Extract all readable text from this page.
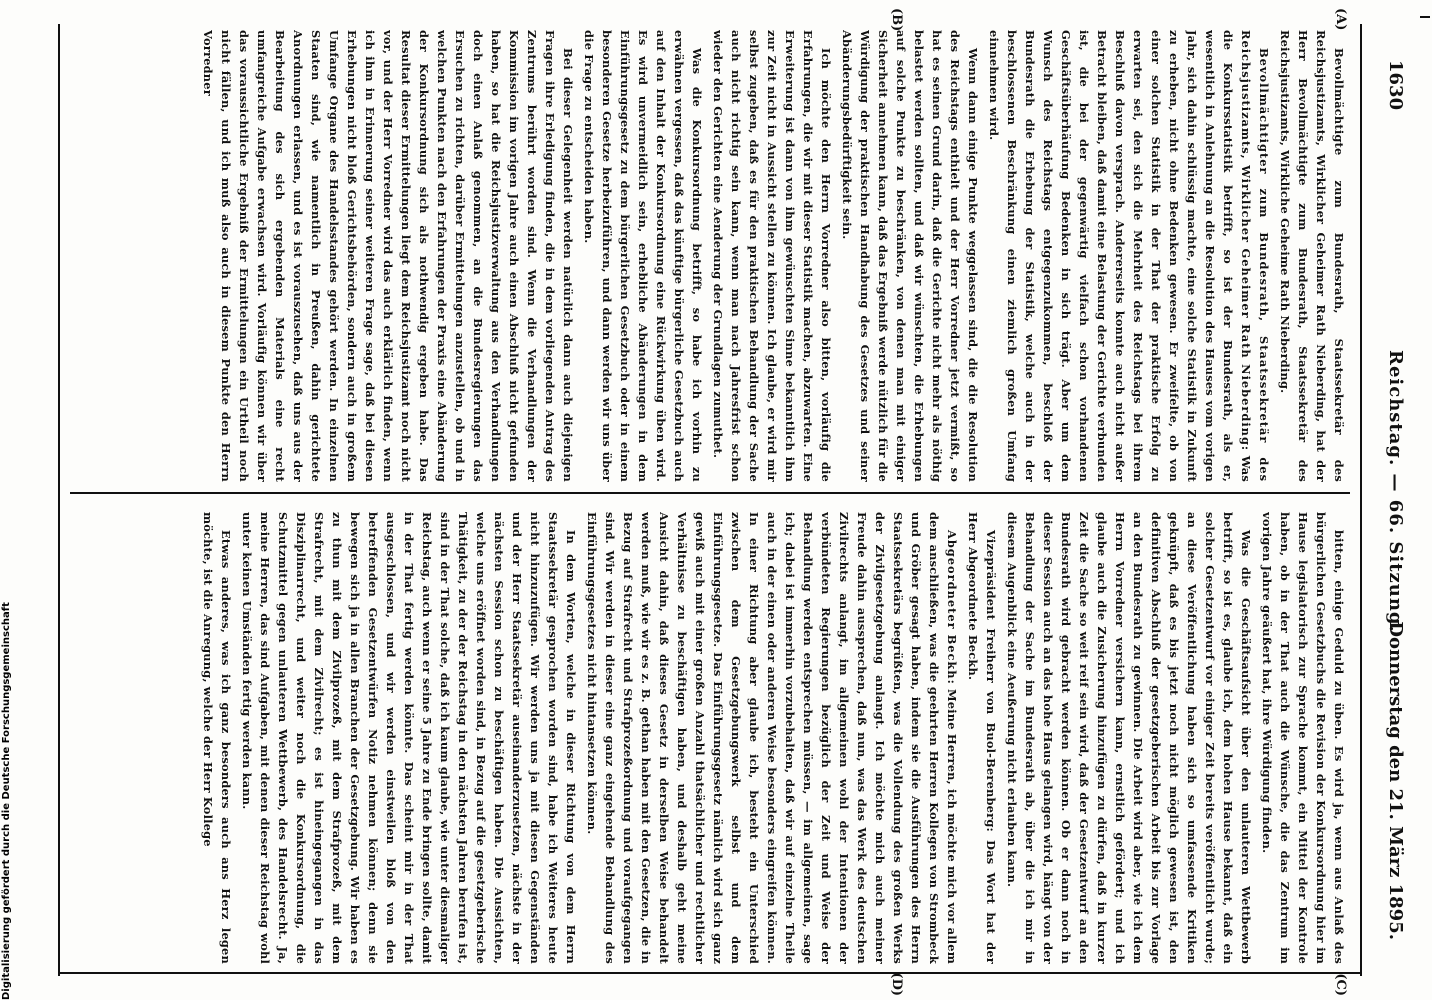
1630
Reichstag. — 66. Sitzung.
Donnerstag den 21. März 1895.
(A)
(B)
(C)
(D)

Bevollmächtigte zum Bundesrath, Staatssekretär des Reichsjustizamts, Wirklicher Geheimer Rath Nieberding, hat der Herr Bevollmächtigte zum Bundesrath, Staatssekretär des Reichsjustizamts, Wirkliche Geheime Rath Nieberding.

Bevollmächtigter zum Bundesrath, Staatssekretär des Reichsjustizamts, Wirklicher Geheimer Rath Nieberding: Was die Konkursstatistik betrifft, so ist der Bundesrath, als er, wesentlich in Anlehnung an die Resolution des Hauses vom vorigen Jahr, sich dahin schlüssig machte, eine solche Statistik in Zukunft zu erheben, nicht ohne Bedenken gewesen. Er zweifelte, ob von einer solchen Statistik in der That der praktische Erfolg zu erwarten sei, den sich die Mehrheit des Reichstags bei ihrem Beschluß davon versprach. Andererseits konnte auch nicht außer Betracht bleiben, daß damit eine Belastung der Gerichte verbunden ist, die bei der gegenwärtig vielfach schon vorhandenen Geschäftsüberhäufung Bedenken in sich trägt. Aber um dem Wunsch des Reichstags entgegenzukommen, beschloß der Bundesrath die Erhebung der Statistik, welche auch in der beschlossenen Beschränkung einen ziemlich großen Umfang einnehmen wird.

Wenn dann einige Punkte weggelassen sind, die die Resolution des Reichstags enthielt und der Herr Vorredner jetzt vermißt, so hat es seinen Grund darin, daß die Gerichte nicht mehr als nöthig belastet werden sollten, und daß wir wünschten, die Erhebungen auf solche Punkte zu beschränken, von denen man mit einiger Sicherheit annehmen kann, daß das Ergebniß werde nützlich für die Würdigung der praktischen Handhabung des Gesetzes und seiner Abänderungsbedürftigkeit sein.

Ich möchte den Herrn Vorredner also bitten, vorläufig die Erfahrungen, die wir mit dieser Statistik machen, abzuwarten. Eine Erweiterung ist dann von ihm gewünschten Sinne bekanntlich ihm zur Zeit nicht in Aussicht stellen zu können. Ich glaube, er wird mir selbst zugeben, daß es für den praktischen Behandlung der Sache auch nicht richtig sein kann, wenn man nach Jahresfrist schon wieder den Gerichten eine Aenderung der Grundlagen zumuthet.

Was die Konkursordnung betrifft, so habe ich vorhin zu erwähnen vergessen, daß das künftige bürgerliche Gesetzbuch auch auf den Inhalt der Konkursordnung eine Rückwirkung üben wird. Es wird unvermeidlich sein, erhebliche Abänderungen in dem Einführungsgesetz zu dem bürgerlichen Gesetzbuch oder in einem besonderen Gesetze herbeizuführen, und dann werden wir uns über die Frage zu entscheiden haben.

Bei dieser Gelegenheit werden natürlich dann auch diejenigen Fragen ihre Erledigung finden, die in dem vorliegenden Antrag des Zentrums berührt worden sind. Wenn die Verhandlungen der Kommission im vorigen Jahre auch einen Abschluß nicht gefunden haben, so hat die Reichsjustizverwaltung aus den Verhandlungen doch einen Anlaß genommen, an die Bundesregierungen das Ersuchen zu richten, darüber Ermittelungen anzustellen, ob und in welchen Punkten nach den Erfahrungen der Praxis eine Abänderung der Konkursordnung sich als nothwendig ergeben habe. Das Resultat dieser Ermittelungen liegt dem Reichsjustizamt noch nicht vor, und der Herr Vorredner wird das auch erklärlich finden, wenn ich ihm in Erinnerung seiner weiteren Frage sage, daß bei diesen Erhebungen nicht bloß Gerichtsbehörden, sondern auch in großem Umfange Organe des Handelsstandes gehört werden. In einzelnen Staaten sind, wie namentlich in Preußen, dahin gerichtete Anordnungen erlassen, und es ist vorauszusehen, daß uns aus der Bearbeitung des sich ergebenden Materials eine recht umfangreiche Aufgabe erwachsen wird. Vorläufig können wir über das voraussichtliche Ergebniß der Ermittelungen ein Urtheil noch nicht fällen, und ich muß also auch in diesem Punkte den Herrn Vorredner

bitten, einige Geduld zu üben. Es wird ja, wenn aus Anlaß des bürgerlichen Gesetzbuchs die Revision der Konkursordnung hier im Hause legislatorisch zur Sprache kommt, ein Mittel der Kontrole haben, ob in der That auch die Wünsche, die das Zentrum im vorigen Jahre geäußert hat, ihre Würdigung finden.

Was die Geschäftsaufsicht über den unlauteren Wettbewerb betrifft, so ist es, glaube ich, dem hohen Hause bekannt, daß ein solcher Gesetzentwurf vor einiger Zeit bereits veröffentlicht wurde; an diese Veröffentlichung haben sich so umfassende Kritiken geknüpft, daß es bis jetzt noch nicht möglich gewesen ist, den definitiven Abschluß der gesetzgeberischen Arbeit bis zur Vorlage an den Bundesrath zu gewinnen. Die Arbeit wird aber, wie ich dem Herrn Vorredner versichern kann, ernstlich gefördert; und ich glaube auch die Zusicherung hinzufügen zu dürfen, daß in kurzer Zeit die Sache so weit reif sein wird, daß der Gesetzentwurf an den Bundesrath wird gebracht werden können. Ob er dann noch in dieser Session auch an das hohe Haus gelangen wird, hängt von der Behandlung der Sache im Bundesrath ab, über die ich mir in diesem Augenblick eine Aeußerung nicht erlauben kann.

Vizepräsident Freiherr von Buol-Berenberg: Das Wort hat der Herr Abgeordnete Beckh.

Abgeordneter Beckh: Meine Herren, ich möchte mich vor allem dem anschließen, was die geehrten Herren Kollegen von Strombeck und Gröber gesagt haben, indem sie die Ausführungen des Herrn Staatssekretärs begrüßten, was die Vollendung des großen Werks der Zivilgesetzgebung anlangt. Ich möchte mich auch meiner Freude dahin aussprechen, daß nun, was das Werk des deutschen Zivilrechts anlangt, im allgemeinen wohl der Intentionen der verbündeten Regierungen bezüglich der Zeit und Weise der Behandlung werden entsprechen müssen, — im allgemeinen, sage ich; dabei ist immerhin vorzubehalten, daß wir auf einzelne Theile auch in der einen oder anderen Weise besonders eingreifen können. In einer Richtung aber glaube ich, besteht ein Unterschied zwischen dem Gesetzgebungswerk selbst und dem Einführungsgesetze. Das Einführungsgesetz nämlich wird sich ganz gewiß auch mit einer großen Anzahl thatsächlicher und rechtlicher Verhältnisse zu beschäftigen haben, und deshalb geht meine Ansicht dahin, daß dieses Gesetz in derselben Weise behandelt werden muß, wie wir es z. B. gethan haben mit den Gesetzen, die in Bezug auf Strafrecht und Strafprozeßordnung und voraufgegangen sind. Wir werden in dieser eine ganz eingehende Behandlung des Einführungsgesetzes nicht hintansetzen können.

In dem Worten, welche in dieser Richtung von dem Herrn Staatssekretär gesprochen worden sind, habe ich Weiteres heute nicht hinzuzufügen. Wir werden uns ja mit diesen Gegenständen und der Herr Staatssekretär auseinanderzusetzen, nächste in der nächsten Session schon zu beschäftigen haben. Die Aussichten, welche uns eröffnet worden sind, in Bezug auf die gesetzgeberische Thätigkeit, zu der der Reichstag in den nächsten Jahren berufen ist, sind in der That solche, daß ich kaum glaube, wie unter diesmaliger Reichstag, auch wenn er seine 5 Jahre zu Ende bringen sollte, damit in der That fertig werden könnte. Das scheint mir in der That ausgeschlossen, und wir werden einstweilen bloß von den betreffenden Gesetzentwürfen Notiz nehmen können; denn sie bewegen sich ja in allen Branchen der Gesetzgebung. Wir haben es zu thun mit dem Zivilprozeß, mit dem Strafprozeß, mit dem Strafrecht, mit dem Zivilrecht; es ist hineingegangen in das Disziplinarrecht, und weiter noch die Konkursordnung, die Schutzmittel gegen unlauteren Wettbewerb, des Handelsrecht. Ja, meine Herren, das sind Aufgaben, mit denen dieser Reichstag wohl unter keinen Umständen fertig werden kann.

Etwas anderes, was ich ganz besonders auch ans Herz legen möchte, ist die Anregung, welche der Herr Kollege

Digitalisierung gefördert durch die Deutsche Forschungsgemeinschaft
